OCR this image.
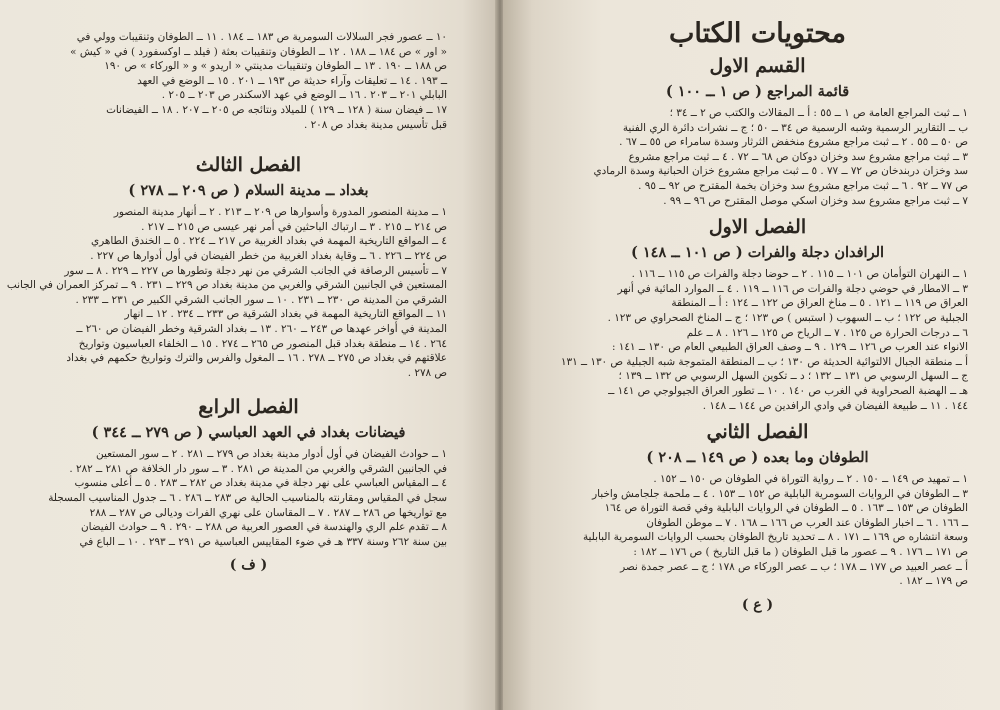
١٠ ــ عصور فجر السلالات السومرية ص ١٨٣ ــ ١٨٤ . ١١ ــ الطوفان وتنقيبات وولي في

« اور » ص ١٨٤ ــ ١٨٨ . ١٢ ــ الطوفان وتنقيبات بعثة ( فيلد ــ اوكسفورد ) في « كيش »

ص ١٨٨ ــ ١٩٠ . ١٣ ــ الطوفان وتنقيبات مدينتي « اريدو » و « الوركاء » ص ١٩٠

ــ ١٩٣ . ١٤ ــ تعليقات وآراء حديثة ص ١٩٣ ــ ٢٠١ . ١٥ ــ الوضع في العهد

البابلي ٢٠١ ــ ٢٠٣ . ١٦ ــ الوضع في عهد الاسكندر ص ٢٠٣ ــ ٢٠٥ .

١٧ ــ فيضان سنة ( ١٢٨ ــ ١٢٩ ) للميلاد ونتائجه ص ٢٠٥ ــ ٢٠٧ . ١٨ ــ الفيضانات

قبل تأسيس مدينة بغداد ص ٢٠٨ .

الفصل الثالث
بغداد ــ مدينة السلام ( ص ٢٠٩ ــ ٢٧٨ )

١ ــ مدينة المنصور المدورة وأسوارها ص ٢٠٩ ــ ٢١٣ . ٢ ــ أنهار مدينة المنصور

ص ٢١٤ ــ ٢١٥ . ٣ ــ ارتباك الباحثين في أمر نهر عيسى ص ٢١٥ ــ ٢١٧ .

٤ ــ المواقع التاريخية المهمة في بغداد الغربية ص ٢١٧ ــ ٢٢٤ . ٥ ــ الخندق الطاهري

ص ٢٢٤ ــ ٢٢٦ . ٦ ــ وقاية بغداد الغربية من خطر الفيضان في أول أدوارها ص ٢٢٧ .

٧ ــ تأسيس الرصافة في الجانب الشرقي من نهر دجلة وتطورها ص ٢٢٧ ــ ٢٢٩ . ٨ ــ سور

المستعين في الجانبين الشرقي والغربي من مدينة بغداد ص ٢٢٩ ــ ٢٣١ . ٩ ــ تمركز العمران في الجانب

الشرقي من المدينة ص ٢٣٠ ــ ٢٣١ . ١٠ ــ سور الجانب الشرقي الكبير ص ٢٣١ ــ ٢٣٣ .

١١ ــ المواقع التاريخية المهمة في بغداد الشرقية ص ٢٣٣ ــ ٢٣٤ . ١٢ ــ انهار

المدينة في أواخر عهدها ص ٢٤٣ ــ ٢٦٠ . ١٣ ــ بغداد الشرقية وخطر الفيضان ص ٢٦٠ ــ

٢٦٤ . ١٤ ــ منطقة بغداد قبل المنصور ص ٢٦٥ ــ ٢٧٤ . ١٥ ــ الخلفاء العباسيون وتواريخ

علاقتهم في بغداد ص ٢٧٥ ــ ٢٧٨ . ١٦ ــ المغول والفرس والترك وتواريخ حكمهم في بغداد

ص ٢٧٨ .

الفصل الرابع
فيضانات بغداد في العهد العباسي ( ص ٢٧٩ ــ ٣٤٤ )

١ ــ حوادث الفيضان في أول أدوار مدينة بغداد ص ٢٧٩ ــ ٢٨١ . ٢ ــ سور المستعين

في الجانبين الشرقي والغربي من المدينة ص ٢٨١ . ٣ ــ سور دار الخلافة ص ٢٨١ ــ ٢٨٢ .

٤ ــ المقياس العباسي على نهر دجلة في مدينة بغداد ص ٢٨٢ ــ ٢٨٣ . ٥ ــ أعلى منسوب

سجل في المقياس ومقارنته بالمناسيب الحالية ص ٢٨٣ ــ ٢٨٦ . ٦ ــ جدول المناسيب المسجلة

مع تواريخها ص ٢٨٦ ــ ٢٨٧ . ٧ ــ المقاسان على نهري الفرات وديالى ص ٢٨٧ ــ ٢٨٨

٨ ــ تقدم علم الري والهندسة في العصور العربية ص ٢٨٨ ــ ٢٩٠ . ٩ ــ حوادث الفيضان

بين سنة ٢٦٢ وسنة ٣٣٧ هـ في ضوء المقاييس العباسية ص ٢٩١ ــ ٢٩٣ . ١٠ ــ الباع في

( ف )
محتويات الكتاب
القسم الاول
قائمة المراجع ( ص ١ ــ ١٠٠ )

١ ــ ثبت المراجع العامة ص ١ ــ ٥٥ : أ ــ المقالات والكتب ص ٢ ــ ٣٤ ؛

ب ــ التقارير الرسمية وشبه الرسمية ص ٣٤ ــ ٥٠ ؛ ج ــ نشرات دائرة الري الفنية

ص ٥٠ ــ ٥٥ . ٢ ــ ثبت مراجع مشروع منخفض الثرثار وسدة سامراء ص ٥٥ ــ ٦٧ .

٣ ــ ثبت مراجع مشروع سد وخزان دوكان ص ٦٨ ــ ٧٢ . ٤ ــ ثبت مراجع مشروع

سد وخزان دربندخان ص ٧٢ ــ ٧٧ . ٥ ــ ثبت مراجع مشروع خزان الحبانية وسدة الرمادي

ص ٧٧ ــ ٩٢ . ٦ ــ ثبت مراجع مشروع سد وخزان بخمة المقترح ص ٩٢ ــ ٩٥ .

٧ ــ ثبت مراجع مشروع سد وخزان اسكي موصل المقترح ص ٩٦ ــ ٩٩ .

الفصل الاول
الرافدان دجلة والفرات ( ص ١٠١ ــ ١٤٨ )

١ ــ النهران التوأمان ص ١٠١ ــ ١١٥ . ٢ ــ حوضا دجلة والفرات ص ١١٥ ــ ١١٦ .

٣ ــ الامطار في حوضي دجلة والفرات ص ١١٦ ــ ١١٩ . ٤ ــ الموارد المائية في أنهر

العراق ص ١١٩ ــ ١٢١ . ٥ ــ مناخ العراق ص ١٢٢ ــ ١٢٤ : أ ــ المنطقة

الجبلية ص ١٢٢ ؛ ب ــ السهوب ( استبس ) ص ١٢٣ ؛ ج ــ المناخ الصحراوي ص ١٢٣ .

٦ ــ درجات الحرارة ص ١٢٥ . ٧ ــ الرياح ص ١٢٥ ــ ١٢٦ . ٨ ــ علم

الانواء عند العرب ص ١٢٦ ــ ١٢٩ . ٩ ــ وصف العراق الطبيعي العام ص ١٣٠ ــ ١٤١ :

أ ــ منطقة الجبال الالتوائية الحديثة ص ١٣٠ ؛ ب ــ المنطقة المتموجة شبه الجبلية ص ١٣٠ ــ ١٣١

ج ــ السهل الرسوبي ص ١٣١ ــ ١٣٢ ؛ د ــ تكوين السهل الرسوبي ص ١٣٢ ــ ١٣٩ ؛

هـ ــ الهضبة الصحراوية في الغرب ص ١٤٠ . ١٠ ــ تطور العراق الجيولوجي ص ١٤١ ــ

١٤٤ . ١١ ــ طبيعة الفيضان في وادي الرافدين ص ١٤٤ ــ ١٤٨ .

الفصل الثاني
الطوفان وما بعده ( ص ١٤٩ ــ ٢٠٨ )

١ ــ تمهيد ص ١٤٩ ــ ١٥٠ . ٢ ــ رواية التوراة في الطوفان ص ١٥٠ ــ ١٥٢ .

٣ ــ الطوفان في الروايات السومرية البابلية ص ١٥٢ ــ ١٥٣ . ٤ ــ ملحمة جلجامش واخبار

الطوفان ص ١٥٣ ــ ١٦٣ . ٥ ــ الطوفان في الروايات البابلية وفي قصة التوراة ص ١٦٤

ــ ١٦٦ . ٦ ــ اخبار الطوفان عند العرب ص ١٦٦ ــ ١٦٨ . ٧ ــ موطن الطوفان

وسعة انتشاره ص ١٦٩ ــ ١٧١ . ٨ ــ تحديد تاريخ الطوفان بحسب الروايات السومرية البابلية

ص ١٧١ ــ ١٧٦ . ٩ ــ عصور ما قبل الطوفان ( ما قبل التاريخ ) ص ١٧٦ ــ ١٨٢ :

أ ــ عصر العبيد ص ١٧٧ ــ ١٧٨ ؛ ب ــ عصر الوركاء ص ١٧٨ ؛ ج ــ عصر جمدة نصر

ص ١٧٩ ــ ١٨٢ .

( ع )
